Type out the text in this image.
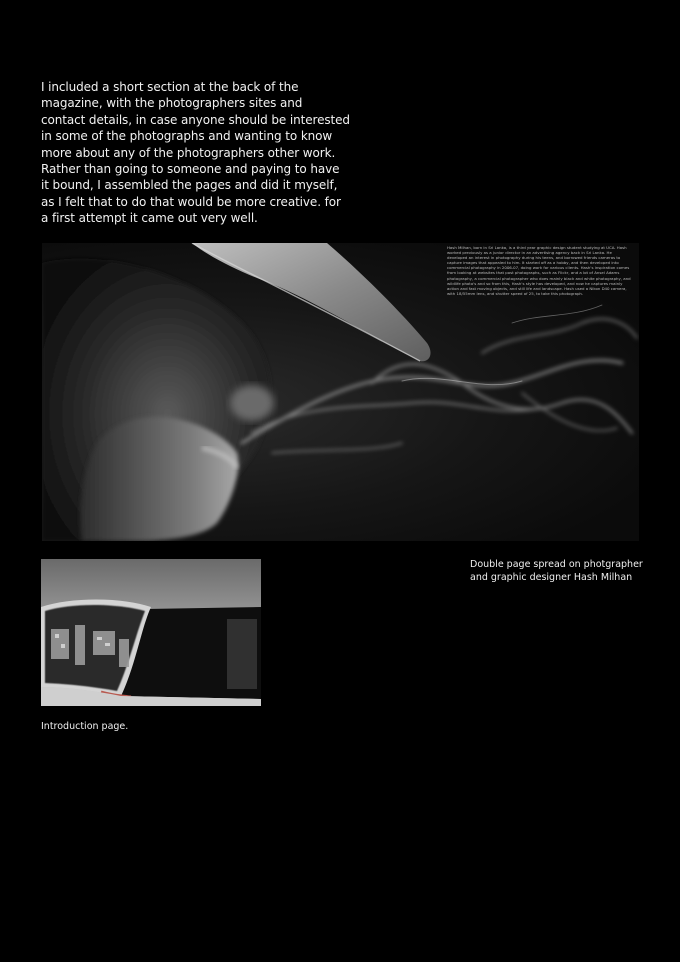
I included a short section at the back of the
magazine, with the photographers sites and
contact details, in case anyone should be interested
in some of the photographs and wanting to know
more about any of the photographers other work.
Rather than going to someone and paying to have
it bound, I assembled the pages and did it myself,
as I felt that to do that would be more creative. for
a first attempt it came out very well.
Hash Milhan, born in Sri Lanka, is a third year graphic design student studying at UCA. Hash worked previously as a junior director in an advertising agency back in Sri Lanka. He developed an interest in photography during his teens, and borrowed friends cameras to capture images that appealed to him. It started off as a hobby, and then developed into commercial photography in 2006-07, doing work for various clients. Hash's inspiration comes from looking at websites that post photographs, such as Flickr, and a lot of Ansel Adams photography, a commercial photographer who does mainly black and white photography, and wildlife photo's and so from this, Hash's style has developed, and now he captures mainly action and fast moving objects, and still life and landscape. Hash used a Nikon D40 camera, with 18/55mm lens, and shutter speed of 25, to take this photograph.
Double page spread on photgrapher
and graphic designer Hash Milhan
Introduction page.
